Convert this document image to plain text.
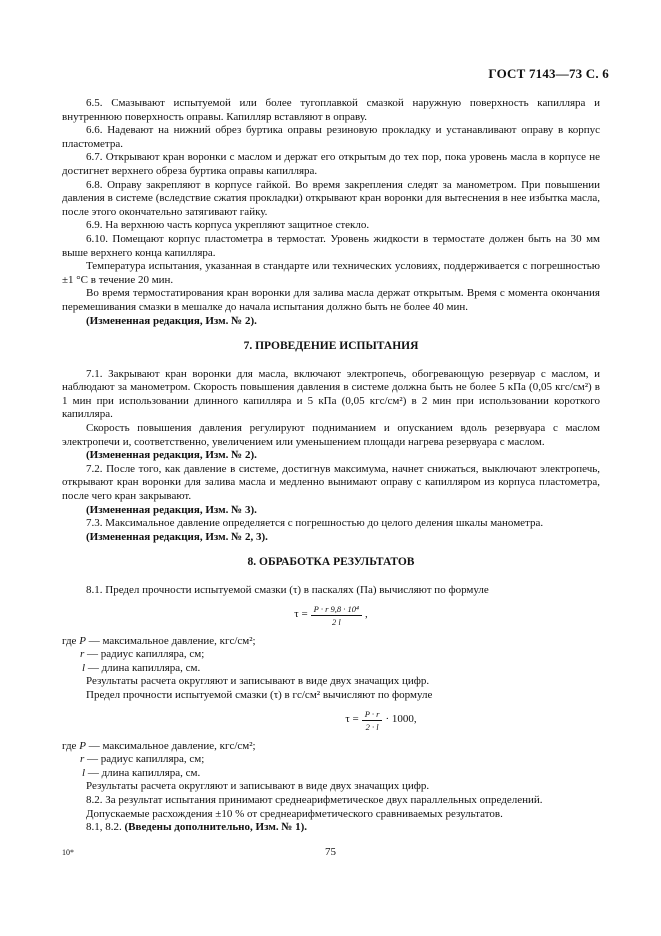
ГОСТ 7143—73 С. 6

6.5. Смазывают испытуемой или более тугоплавкой смазкой наружную поверхность капилляра и внутреннюю поверхность оправы. Капилляр вставляют в оправу.

6.6. Надевают на нижний обрез буртика оправы резиновую прокладку и устанавливают оправу в корпус пластометра.

6.7. Открывают кран воронки с маслом и держат его открытым до тех пор, пока уровень масла в корпусе не достигнет верхнего обреза буртика оправы капилляра.

6.8. Оправу закрепляют в корпусе гайкой. Во время закрепления следят за манометром. При повышении давления в системе (вследствие сжатия прокладки) открывают кран воронки для вытеснения в нее избытка масла, после этого окончательно затягивают гайку.

6.9. На верхнюю часть корпуса укрепляют защитное стекло.

6.10. Помещают корпус пластометра в термостат. Уровень жидкости в термостате должен быть на 30 мм выше верхнего конца капилляра.

Температура испытания, указанная в стандарте или технических условиях, поддерживается с погрешностью ±1 °С в течение 20 мин.

Во время термостатирования кран воронки для залива масла держат открытым. Время с момента окончания перемешивания смазки в мешалке до начала испытания должно быть не более 40 мин.

(Измененная редакция, Изм. № 2).

7. ПРОВЕДЕНИЕ ИСПЫТАНИЯ

7.1. Закрывают кран воронки для масла, включают электропечь, обогревающую резервуар с маслом, и наблюдают за манометром. Скорость повышения давления в системе должна быть не более 5 кПа (0,05 кгс/см²) в 1 мин при использовании длинного капилляра и 5 кПа (0,05 кгс/см²) в 2 мин при использовании короткого капилляра.

Скорость повышения давления регулируют подниманием и опусканием вдоль резервуара с маслом электропечи и, соответственно, увеличением или уменьшением площади нагрева резервуара с маслом.

(Измененная редакция, Изм. № 2).

7.2. После того, как давление в системе, достигнув максимума, начнет снижаться, выключают электропечь, открывают кран воронки для залива масла и медленно вынимают оправу с капилляром из корпуса пластометра, после чего кран закрывают.

(Измененная редакция, Изм. № 3).

7.3. Максимальное давление определяется с погрешностью до целого деления шкалы манометра.

(Измененная редакция, Изм. № 2, 3).

8. ОБРАБОТКА РЕЗУЛЬТАТОВ

8.1. Предел прочности испытуемой смазки (τ) в паскалях (Па) вычисляют по формуле

$\tau = \frac{\text{P · r 9,8 · 10⁴}}{2 l}$ ,

где P — максимальное давление, кгс/см²;

r — радиус капилляра, см;

l — длина капилляра, см.

Результаты расчета округляют и записывают в виде двух значащих цифр.

Предел прочности испытуемой смазки (τ) в гс/см² вычисляют по формуле

$\tau = \frac{P \cdot r}{2 \cdot l} \cdot 1000$,

где P — максимальное давление, кгс/см²;

r — радиус капилляра, см;

l — длина капилляра, см.

Результаты расчета округляют и записывают в виде двух значащих цифр.

8.2. За результат испытания принимают среднеарифметическое двух параллельных определений.

Допускаемые расхождения ±10 % от среднеарифметического сравниваемых результатов.

8.1, 8.2. (Введены дополнительно, Изм. № 1).

10*	75
